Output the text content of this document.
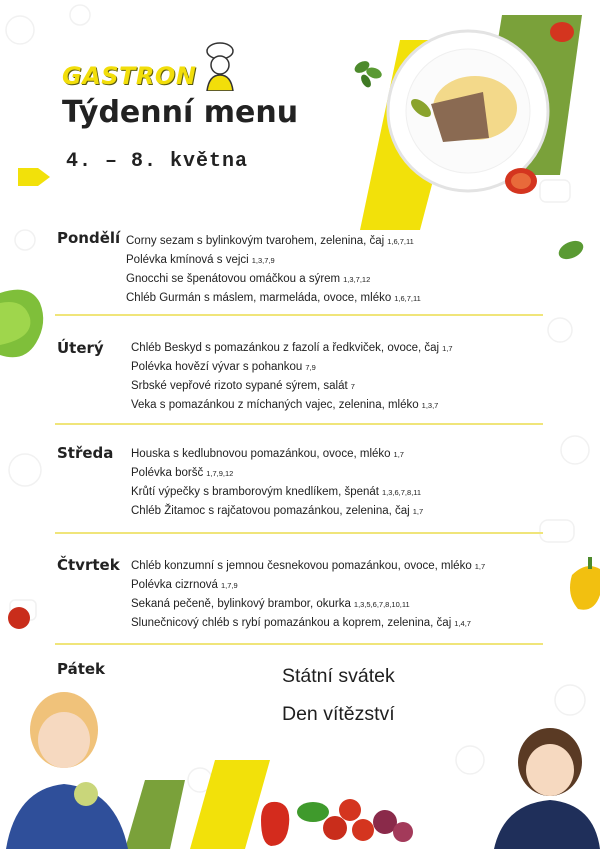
GASTRON
Týdenní menu
4. – 8. května
Pondělí Corny sezam s bylinkovým tvarohem, zelenina, čaj 1,6,7,11
Polévka kmínová s vejci 1,3,7,9
Gnocchi se špenátovou omáčkou a sýrem 1,3,7,12
Chléb Gurmán s máslem, marmeláda, ovoce, mléko 1,6,7,11
Úterý Chléb Beskyd s pomazánkou z fazolí a ředkviček, ovoce, čaj 1,7
Polévka hovězí vývar s pohankou 7,9
Srbské vepřové rizoto sypané sýrem, salát 7
Veka s pomazánkou z míchaných vajec, zelenina, mléko 1,3,7
Středa Houska s kedlubnovou pomazánkou, ovoce, mléko 1,7
Polévka boršč 1,7,9,12
Krůtí výpečky s bramborovým knedlíkem, špenát 1,3,6,7,8,11
Chléb Žitamoc s rajčatovou pomazánkou, zelenina, čaj 1,7
Čtvrtek Chléb konzumní s jemnou česnekovou pomazánkou, ovoce, mléko 1,7
Polévka cizrnová 1,7,9
Sekaná pečeně, bylinkový brambor, okurka 1,3,5,6,7,8,10,11
Slunečnicový chléb s rybí pomazánkou a koprem, zelenina, čaj 1,4,7
Pátek	Státní svátek
Den vítězství
